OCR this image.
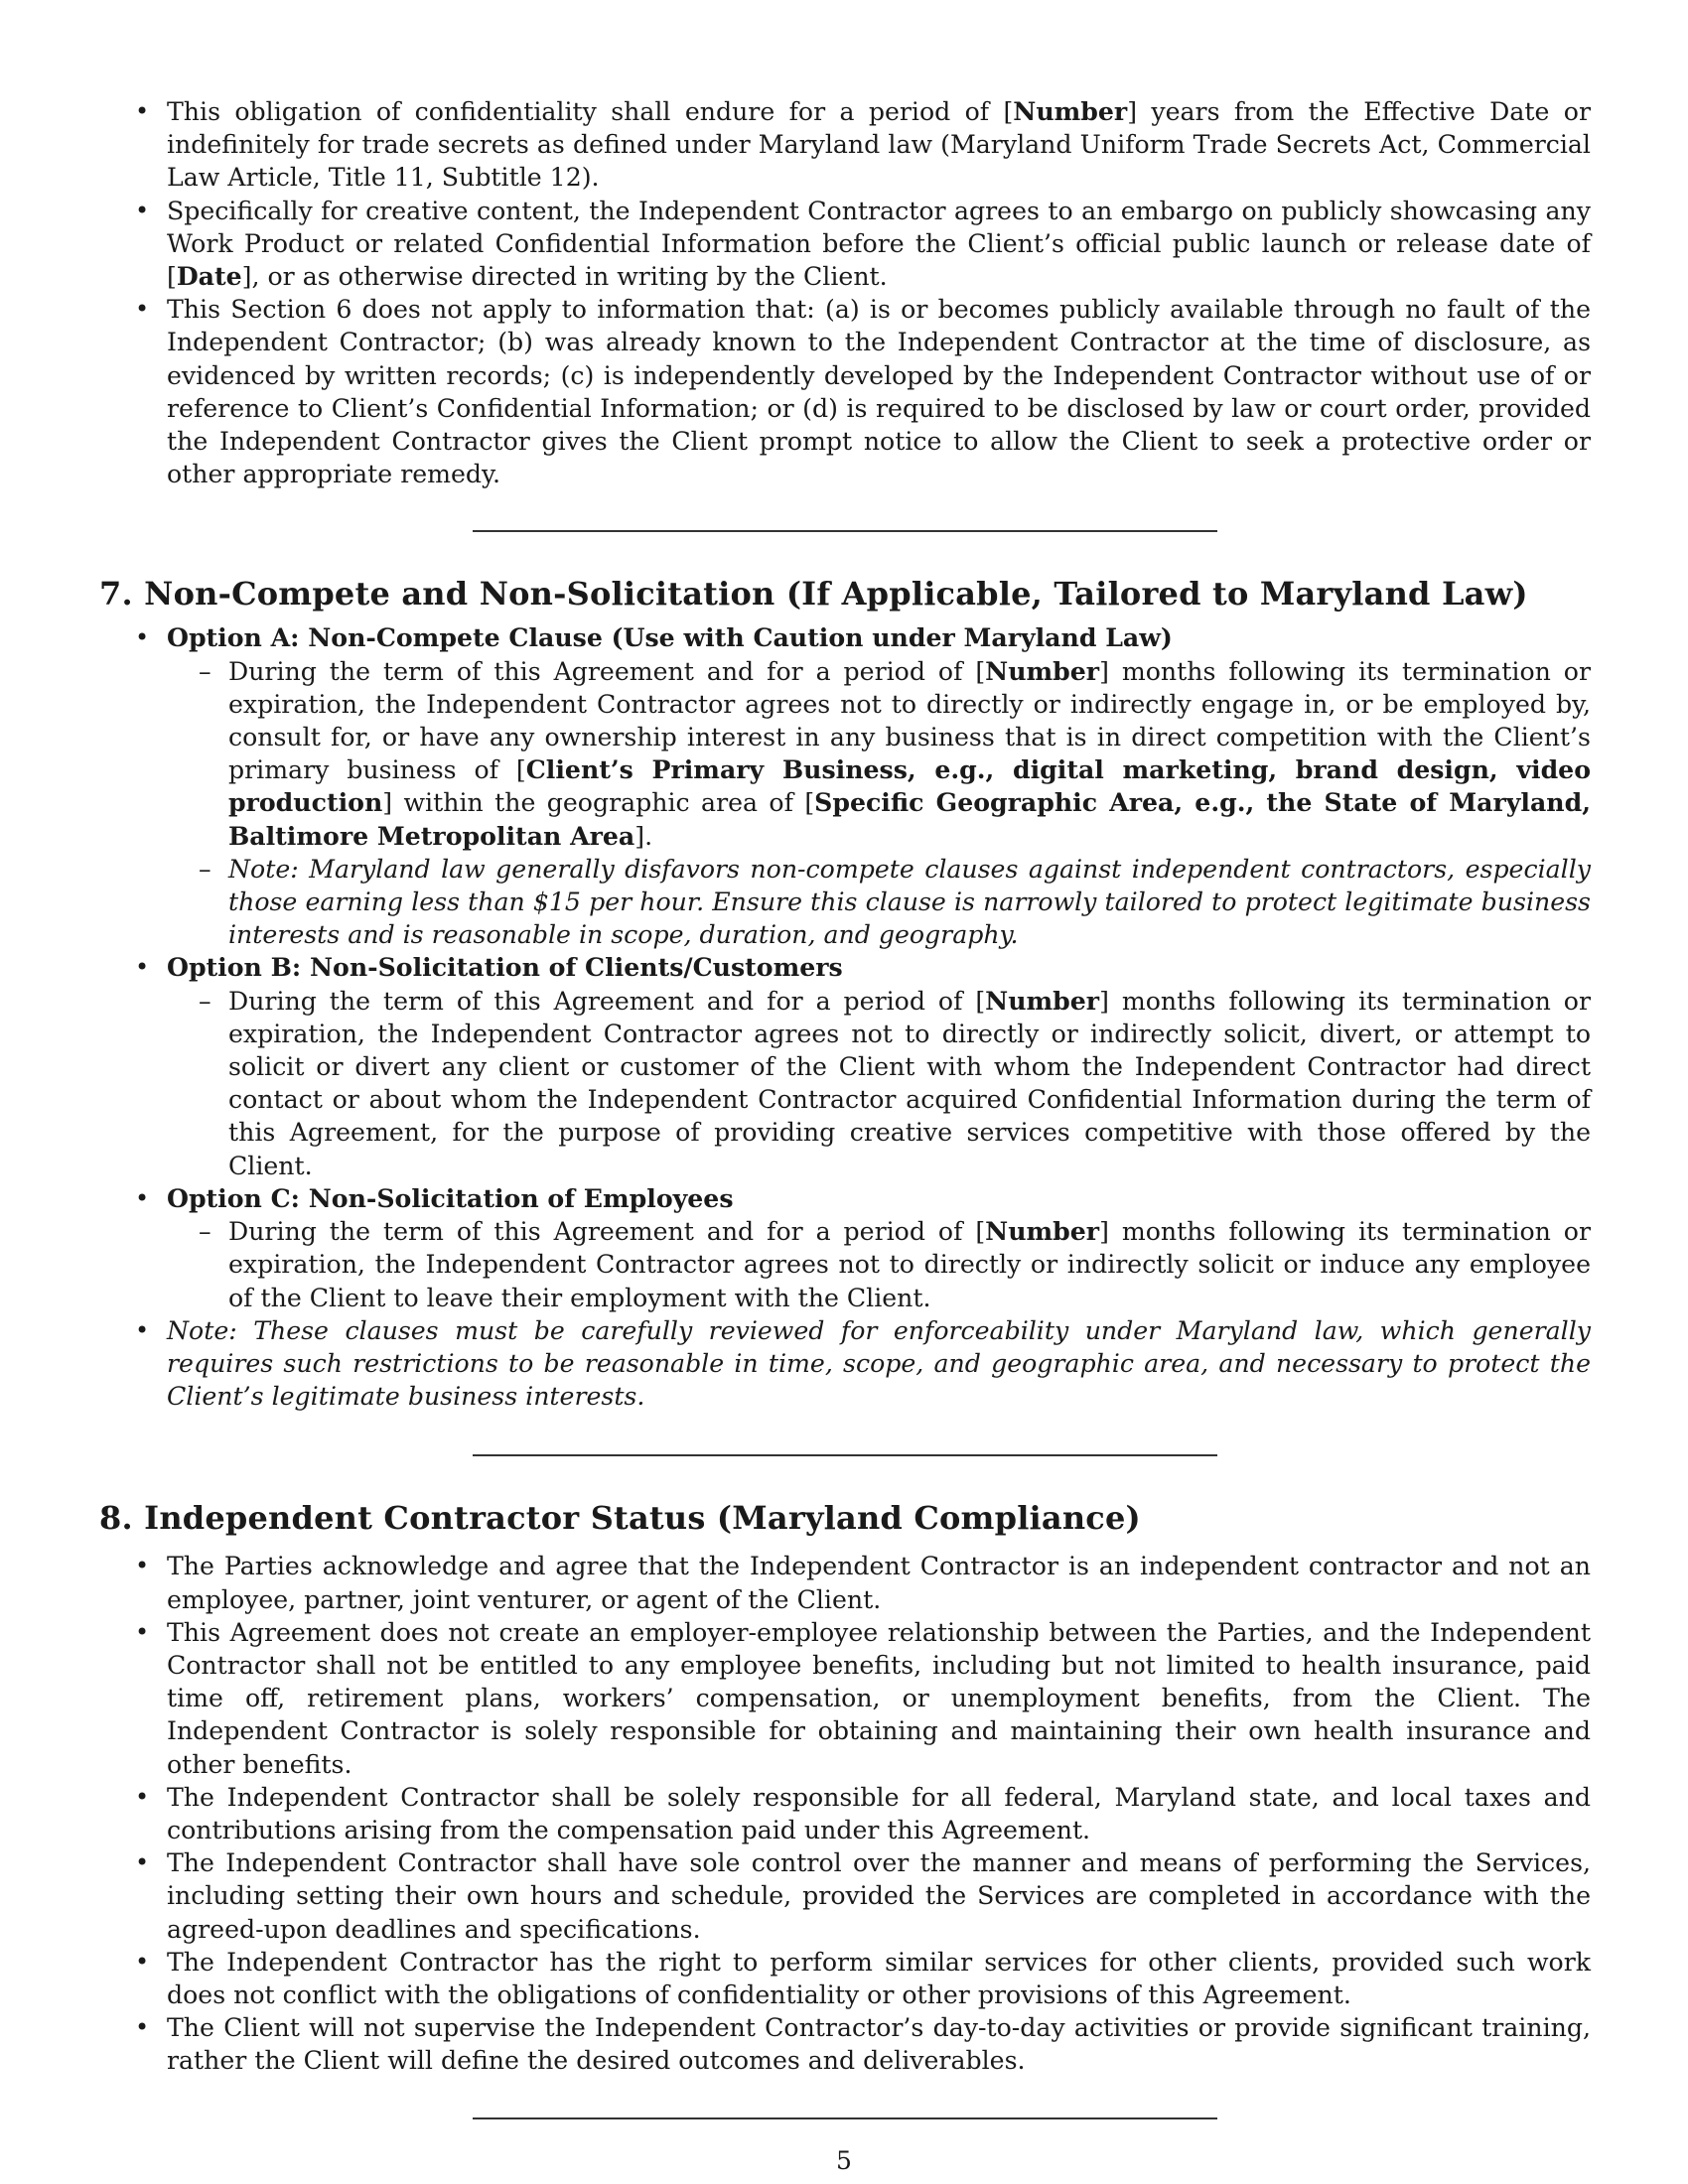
• This obligation of confidentiality shall endure for a period of [Number] years from the Effective Date or indefinitely for trade secrets as defined under Maryland law (Maryland Uniform Trade Secrets Act, Commercial Law Article, Title 11, Subtitle 12).
• Specifically for creative content, the Independent Contractor agrees to an embargo on publicly showcasing any Work Product or related Confidential Information before the Client’s official public launch or release date of [Date], or as otherwise directed in writing by the Client.
• This Section 6 does not apply to information that: (a) is or becomes publicly available through no fault of the Independent Contractor; (b) was already known to the Independent Contractor at the time of disclosure, as evidenced by written records; (c) is independently developed by the Independent Contractor without use of or reference to Client’s Confidential Information; or (d) is required to be disclosed by law or court order, provided the Independent Contractor gives the Client prompt notice to allow the Client to seek a protective order or other appropriate remedy.
7. Non-Compete and Non-Solicitation (If Applicable, Tailored to Maryland Law)
• Option A: Non-Compete Clause (Use with Caution under Maryland Law)
– During the term of this Agreement and for a period of [Number] months following its termination or expiration, the Independent Contractor agrees not to directly or indirectly engage in, or be employed by, consult for, or have any ownership interest in any business that is in direct competition with the Client’s primary business of [Client’s Primary Business, e.g., digital marketing, brand design, video production] within the geographic area of [Specific Geographic Area, e.g., the State of Maryland, Baltimore Metropolitan Area].
– Note: Maryland law generally disfavors non-compete clauses against independent contractors, especially those earning less than $15 per hour. Ensure this clause is narrowly tailored to protect legitimate business interests and is reasonable in scope, duration, and geography.
• Option B: Non-Solicitation of Clients/Customers
– During the term of this Agreement and for a period of [Number] months following its termination or expiration, the Independent Contractor agrees not to directly or indirectly solicit, divert, or attempt to solicit or divert any client or customer of the Client with whom the Independent Contractor had direct contact or about whom the Independent Contractor acquired Confidential Information during the term of this Agreement, for the purpose of providing creative services competitive with those offered by the Client.
• Option C: Non-Solicitation of Employees
– During the term of this Agreement and for a period of [Number] months following its termination or expiration, the Independent Contractor agrees not to directly or indirectly solicit or induce any employee of the Client to leave their employment with the Client.
• Note: These clauses must be carefully reviewed for enforceability under Maryland law, which generally requires such restrictions to be reasonable in time, scope, and geographic area, and necessary to protect the Client’s legitimate business interests.
8. Independent Contractor Status (Maryland Compliance)
• The Parties acknowledge and agree that the Independent Contractor is an independent contractor and not an employee, partner, joint venturer, or agent of the Client.
• This Agreement does not create an employer-employee relationship between the Parties, and the Independent Contractor shall not be entitled to any employee benefits, including but not limited to health insurance, paid time off, retirement plans, workers’ compensation, or unemployment benefits, from the Client. The Independent Contractor is solely responsible for obtaining and maintaining their own health insurance and other benefits.
• The Independent Contractor shall be solely responsible for all federal, Maryland state, and local taxes and contributions arising from the compensation paid under this Agreement.
• The Independent Contractor shall have sole control over the manner and means of performing the Services, including setting their own hours and schedule, provided the Services are completed in accordance with the agreed-upon deadlines and specifications.
• The Independent Contractor has the right to perform similar services for other clients, provided such work does not conflict with the obligations of confidentiality or other provisions of this Agreement.
• The Client will not supervise the Independent Contractor’s day-to-day activities or provide significant training, rather the Client will define the desired outcomes and deliverables.
5
